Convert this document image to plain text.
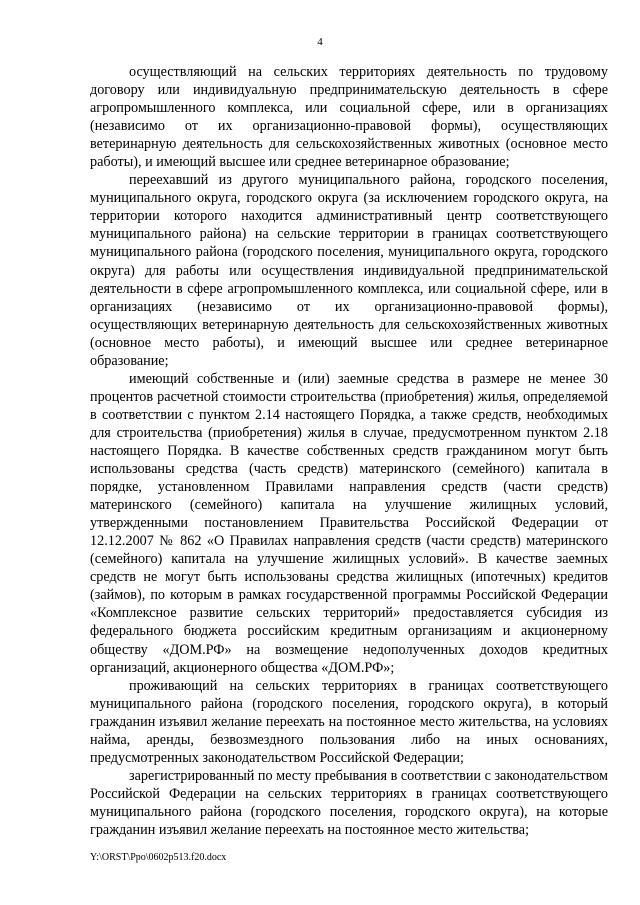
4

осуществляющий на сельских территориях деятельность по трудовому договору или индивидуальную предпринимательскую деятельность в сфере агропромышленного комплекса, или социальной сфере, или в организациях (независимо от их организационно-правовой формы), осуществляющих ветеринарную деятельность для сельскохозяйственных животных (основное место работы), и имеющий высшее или среднее ветеринарное образование;

переехавший из другого муниципального района, городского поселения, муниципального округа, городского округа (за исключением городского округа, на территории которого находится административный центр соответствующего муниципального района) на сельские территории в границах соответствующего муниципального района (городского поселения, муниципального округа, городского округа) для работы или осуществления индивидуальной предпринимательской деятельности в сфере агропромышленного комплекса, или социальной сфере, или в организациях (независимо от их организационно-правовой формы), осуществляющих ветеринарную деятельность для сельскохозяйственных животных (основное место работы), и имеющий высшее или среднее ветеринарное образование;

имеющий собственные и (или) заемные средства в размере не менее 30 процентов расчетной стоимости строительства (приобретения) жилья, определяемой в соответствии с пунктом 2.14 настоящего Порядка, а также средств, необходимых для строительства (приобретения) жилья в случае, предусмотренном пунктом 2.18 настоящего Порядка. В качестве собственных средств гражданином могут быть использованы средства (часть средств) материнского (семейного) капитала в порядке, установленном Правилами направления средств (части средств) материнского (семейного) капитала на улучшение жилищных условий, утвержденными постановлением Правительства Российской Федерации от 12.12.2007 № 862 «О Правилах направления средств (части средств) материнского (семейного) капитала на улучшение жилищных условий». В качестве заемных средств не могут быть использованы средства жилищных (ипотечных) кредитов (займов), по которым в рамках государственной программы Российской Федерации «Комплексное развитие сельских территорий» предоставляется субсидия из федерального бюджета российским кредитным организациям и акционерному обществу «ДОМ.РФ» на возмещение недополученных доходов кредитных организаций, акционерного общества «ДОМ.РФ»;

проживающий на сельских территориях в границах соответствующего муниципального района (городского поселения, городского округа), в который гражданин изъявил желание переехать на постоянное место жительства, на условиях найма, аренды, безвозмездного пользования либо на иных основаниях, предусмотренных законодательством Российской Федерации;

зарегистрированный по месту пребывания в соответствии с законодательством Российской Федерации на сельских территориях в границах соответствующего муниципального района (городского поселения, городского округа), на которые гражданин изъявил желание переехать на постоянное место жительства;

Y:\ORST\Ppo\0602p513.f20.docx
